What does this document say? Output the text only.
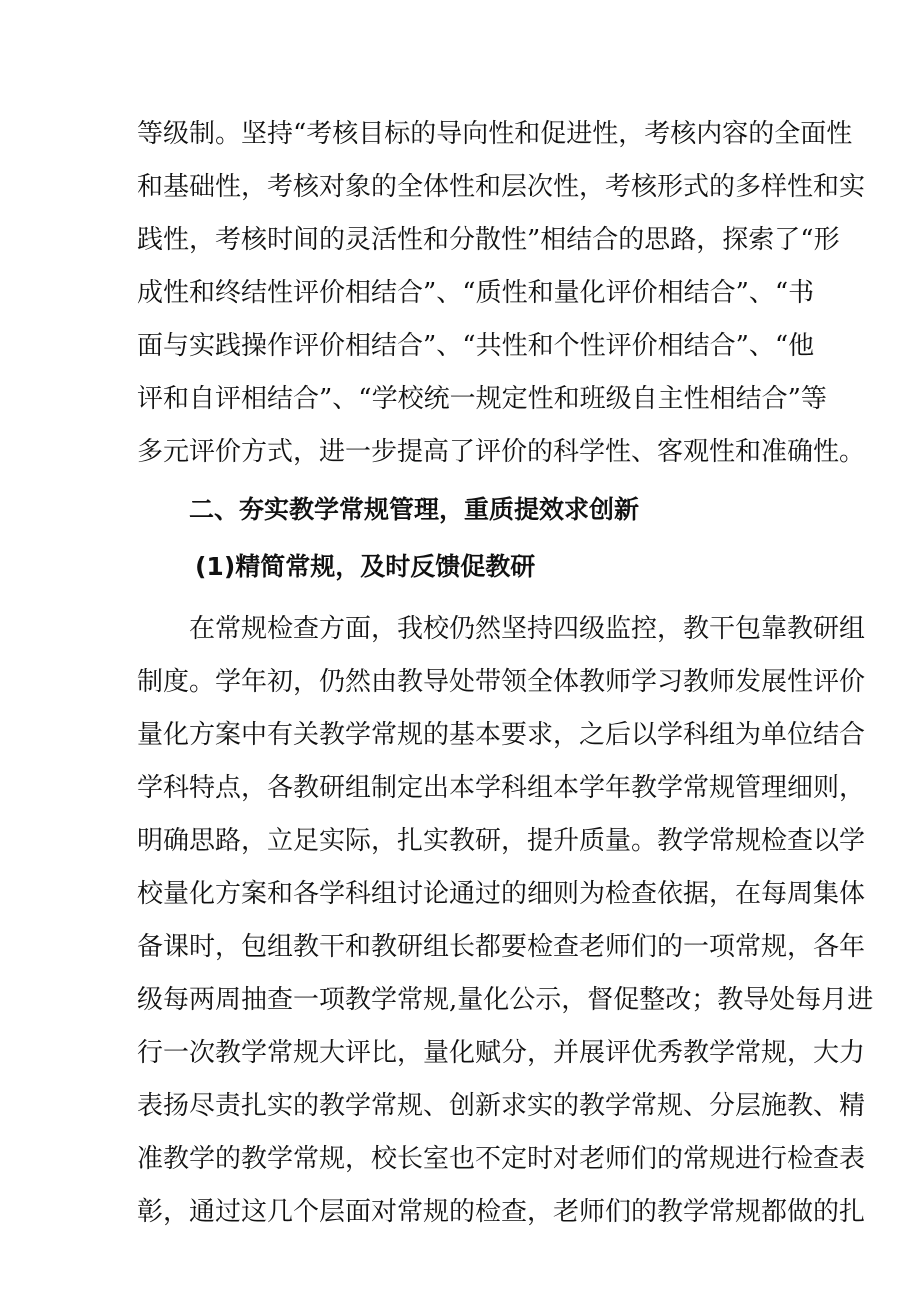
等级制。坚持“考核目标的导向性和促进性，考核内容的全面性
和基础性，考核对象的全体性和层次性，考核形式的多样性和实
践性，考核时间的灵活性和分散性”相结合的思路，探索了“形
成性和终结性评价相结合”、“质性和量化评价相结合”、“书
面与实践操作评价相结合”、“共性和个性评价相结合”、“他
评和自评相结合”、“学校统一规定性和班级自主性相结合”等
多元评价方式，进一步提高了评价的科学性、客观性和准确性。
二、夯实教学常规管理，重质提效求创新
(1)精简常规，及时反馈促教研
在常规检查方面，我校仍然坚持四级监控，教干包靠教研组
制度。学年初，仍然由教导处带领全体教师学习教师发展性评价
量化方案中有关教学常规的基本要求，之后以学科组为单位结合
学科特点，各教研组制定出本学科组本学年教学常规管理细则，
明确思路，立足实际，扎实教研，提升质量。教学常规检查以学
校量化方案和各学科组讨论通过的细则为检查依据，在每周集体
备课时，包组教干和教研组长都要检查老师们的一项常规，各年
级每两周抽查一项教学常规,量化公示，督促整改；教导处每月进
行一次教学常规大评比，量化赋分，并展评优秀教学常规，大力
表扬尽责扎实的教学常规、创新求实的教学常规、分层施教、精
准教学的教学常规，校长室也不定时对老师们的常规进行检查表
彰，通过这几个层面对常规的检查，老师们的教学常规都做的扎
